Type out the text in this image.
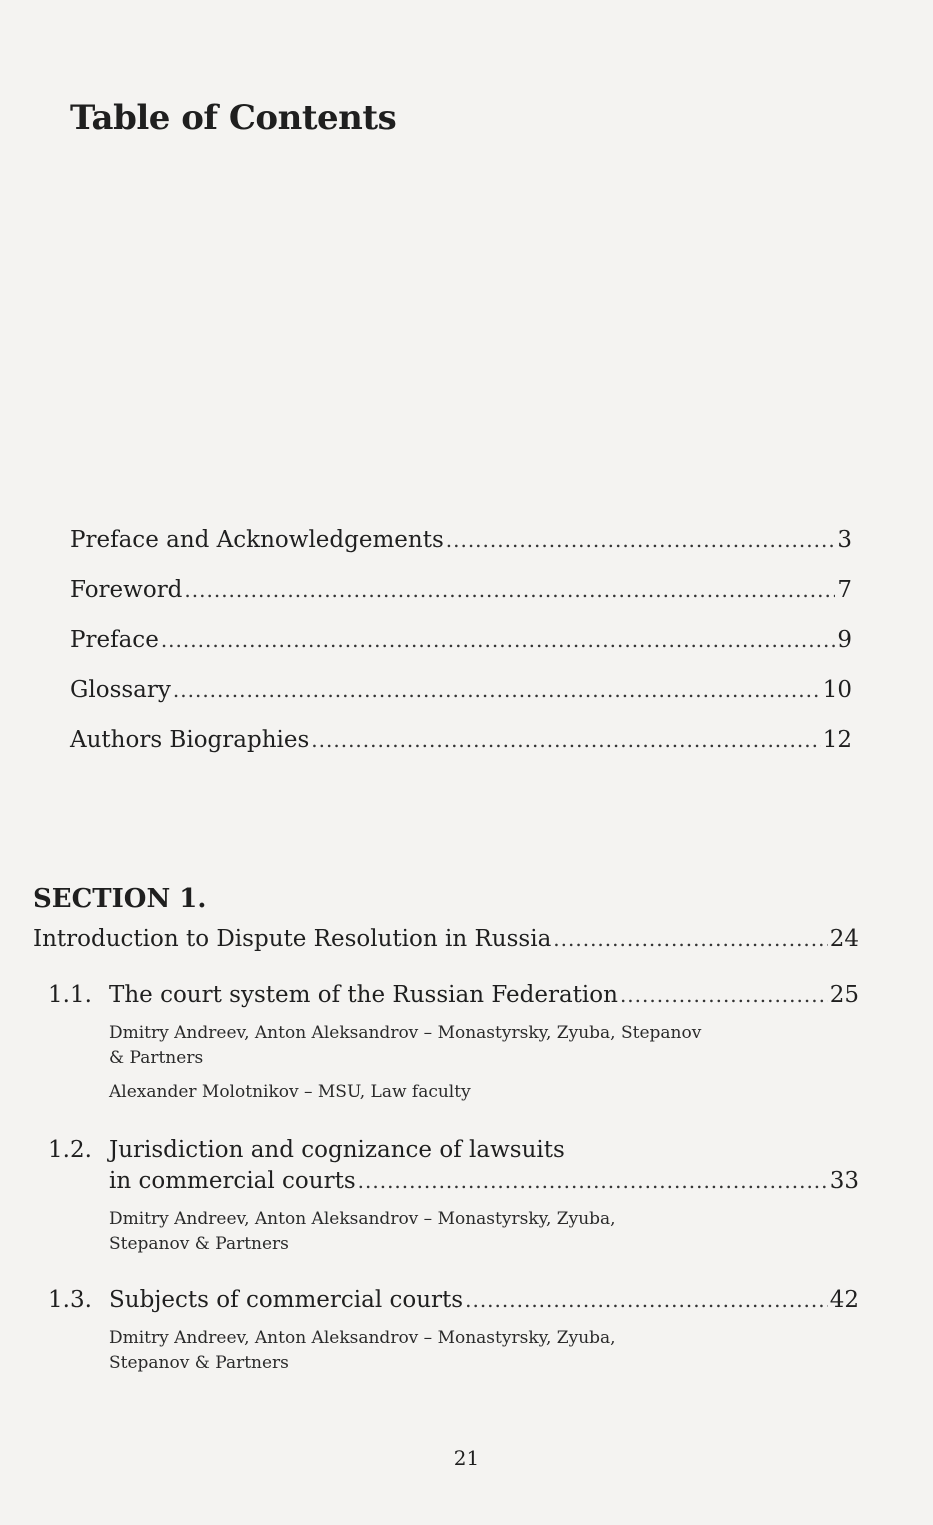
Table of Contents
Preface and Acknowledgements .....	3
Foreword .....	7
Preface .....	9
Glossary .....	10
Authors Biographies .....	12
SECTION 1.
Introduction to Dispute Resolution in Russia .....	24
1.1. The court system of the Russian Federation .....	25
Dmitry Andreev, Anton Aleksandrov – Monastyrsky, Zyuba, Stepanov
& Partners
Alexander Molotnikov – MSU, Law faculty
1.2. Jurisdiction and cognizance of lawsuits
in commercial courts .....	33
Dmitry Andreev, Anton Aleksandrov – Monastyrsky, Zyuba,
Stepanov & Partners
1.3. Subjects of commercial courts .....	42
Dmitry Andreev, Anton Aleksandrov – Monastyrsky, Zyuba,
Stepanov & Partners
21
